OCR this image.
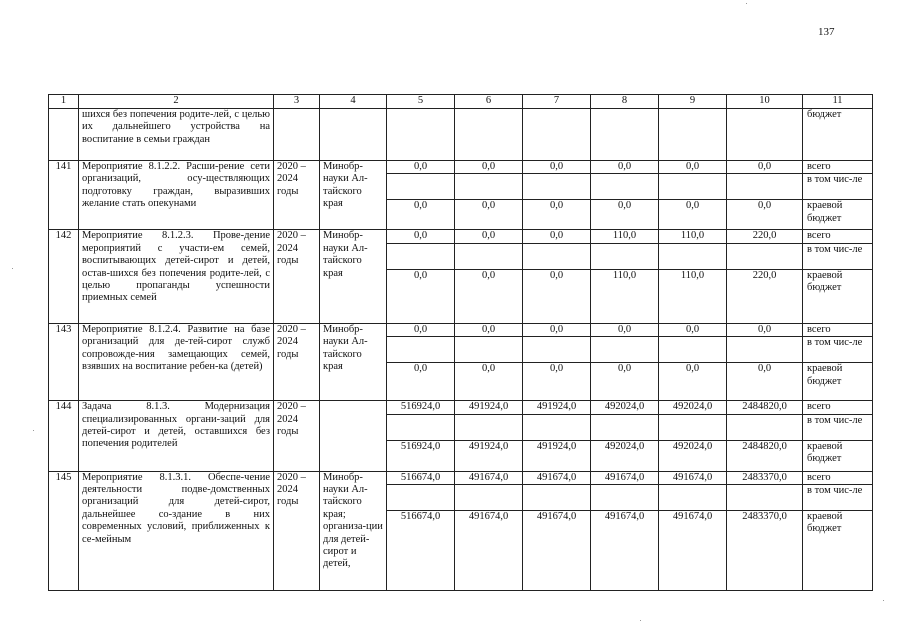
137
1	2	3	4	5	6	7	8	9	10	11
	шихся без попечения родите-лей, с целью их дальнейшего устройства на воспитание в семьи граждан									бюджет
141	Мероприятие 8.1.2.2. Расши-рение сети организаций, осу-ществляющих подготовку граждан, выразивших желание стать опекунами	2020 – 2024 годы	Минобр-науки Ал-тайского края	0,0	0,0	0,0	0,0	0,0	0,0	всего
										в том чис-ле
				0,0	0,0	0,0	0,0	0,0	0,0	краевой бюджет
142	Мероприятие 8.1.2.3. Прове-дение мероприятий с участи-ем семей, воспитывающих детей-сирот и детей, остав-шихся без попечения родите-лей, с целью пропаганды успешности приемных семей	2020 – 2024 годы	Минобр-науки Ал-тайского края	0,0	0,0	0,0	110,0	110,0	220,0	всего
										в том чис-ле
				0,0	0,0	0,0	110,0	110,0	220,0	краевой бюджет
143	Мероприятие 8.1.2.4. Развитие на базе организаций для де-тей-сирот служб сопровожде-ния замещающих семей, взявших на воспитание ребен-ка (детей)	2020 – 2024 годы	Минобр-науки Ал-тайского края	0,0	0,0	0,0	0,0	0,0	0,0	всего
										в том чис-ле
				0,0	0,0	0,0	0,0	0,0	0,0	краевой бюджет
144	Задача 8.1.3. Модернизация специализированных органи-заций для детей-сирот и детей, оставшихся без попечения родителей	2020 – 2024 годы		516924,0	491924,0	491924,0	492024,0	492024,0	2484820,0	всего
										в том чис-ле
				516924,0	491924,0	491924,0	492024,0	492024,0	2484820,0	краевой бюджет
145	Мероприятие 8.1.3.1. Обеспе-чение деятельности подве-домственных организаций для детей-сирот, дальнейшее со-здание в них современных условий, приближенных к се-мейным	2020 – 2024 годы	Минобр-науки Ал-тайского края; организа-ции для детей-сирот и детей,	516674,0	491674,0	491674,0	491674,0	491674,0	2483370,0	всего
										в том чис-ле
				516674,0	491674,0	491674,0	491674,0	491674,0	2483370,0	краевой бюджет
